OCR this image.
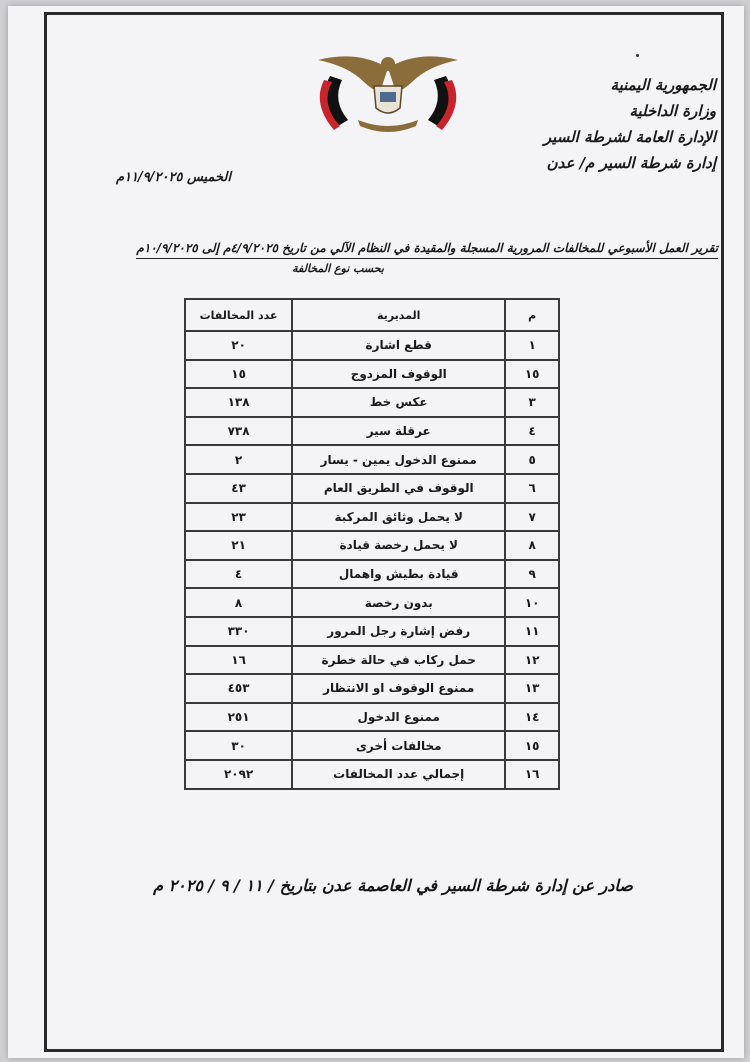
الجمهورية اليمنية
وزارة الداخلية
الإدارة العامة لشرطة السير
إدارة شرطة السير م/ عدن
الخميس ١١/٩/٢٠٢٥م
تقرير العمل الأسبوعي للمخالفات المرورية المسجلة والمقيدة في النظام الآلي من تاريخ ٤/٩/٢٠٢٥م إلى ١٠/٩/٢٠٢٥م
بحسب نوع المخالفة
م	المديرية	عدد المخالفات
١	قطع اشارة	٢٠
١٥	الوقوف المزدوج	١٥
٣	عكس خط	١٣٨
٤	عرقلة سير	٧٣٨
٥	ممنوع الدخول يمين - يسار	٢
٦	الوقوف في الطريق العام	٤٣
٧	لا يحمل وثائق المركبة	٢٣
٨	لا يحمل رخصة قيادة	٢١
٩	قيادة بطيش واهمال	٤
١٠	بدون رخصة	٨
١١	رفض إشارة رجل المرور	٣٣٠
١٢	حمل ركاب في حالة خطرة	١٦
١٣	ممنوع الوقوف او الانتظار	٤٥٣
١٤	ممنوع الدخول	٢٥١
١٥	مخالفات أخرى	٣٠
١٦	إجمالي عدد المخالفات	٢٠٩٢
صادر عن إدارة شرطة السير في العاصمة عدن بتاريخ / ١١ / ٩ / ٢٠٢٥ م
